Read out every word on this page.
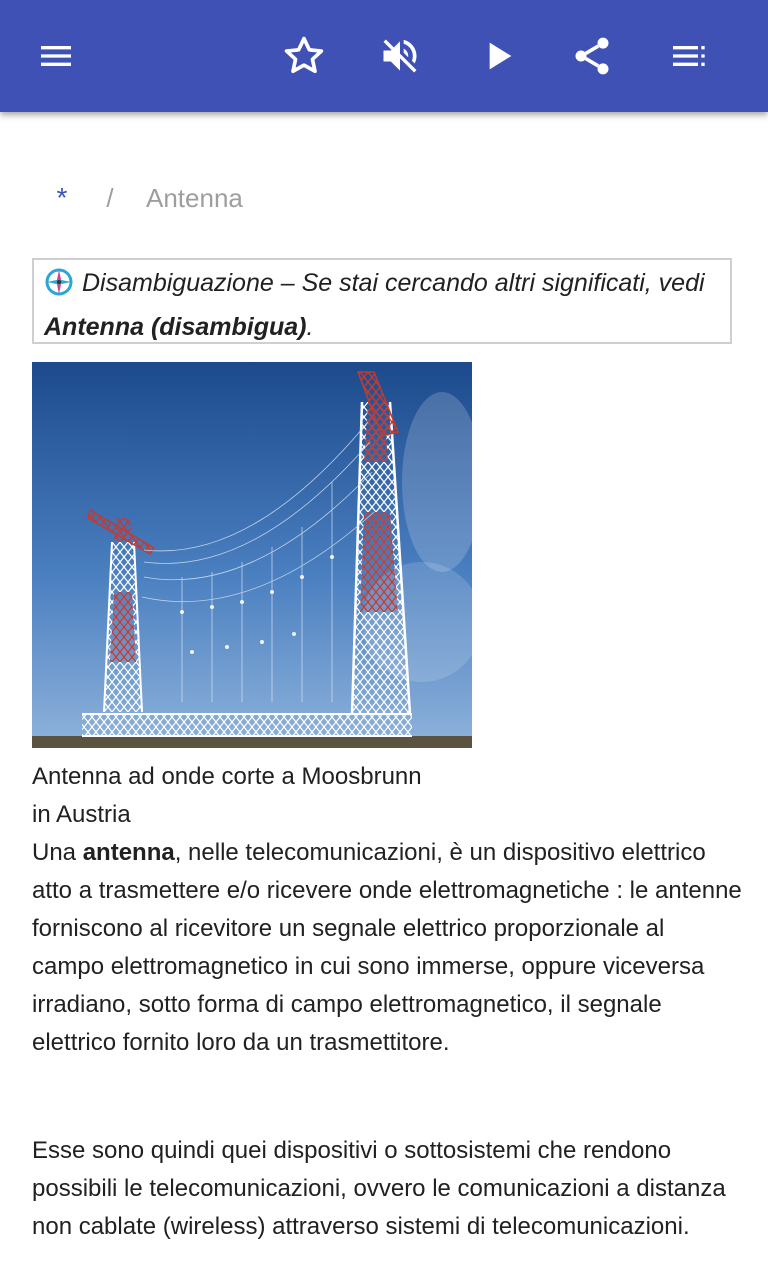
*	/	Antenna
Disambiguazione – Se stai cercando altri significati, vedi
Antenna (disambigua).
Antenna ad onde corte a Moosbrunn
in Austria

Una antenna, nelle telecomunicazioni, è un dispositivo elettrico atto a trasmettere e/o ricevere onde elettromagnetiche : le antenne forniscono al ricevitore un segnale elettrico proporzionale al campo elettromagnetico in cui sono immerse, oppure viceversa irradiano, sotto forma di campo elettromagnetico, il segnale elettrico fornito loro da un trasmettitore.

Esse sono quindi quei dispositivi o sottosistemi che rendono possibili le telecomunicazioni, ovvero le comunicazioni a distanza non cablate (wireless) attraverso sistemi di telecomunicazioni.
